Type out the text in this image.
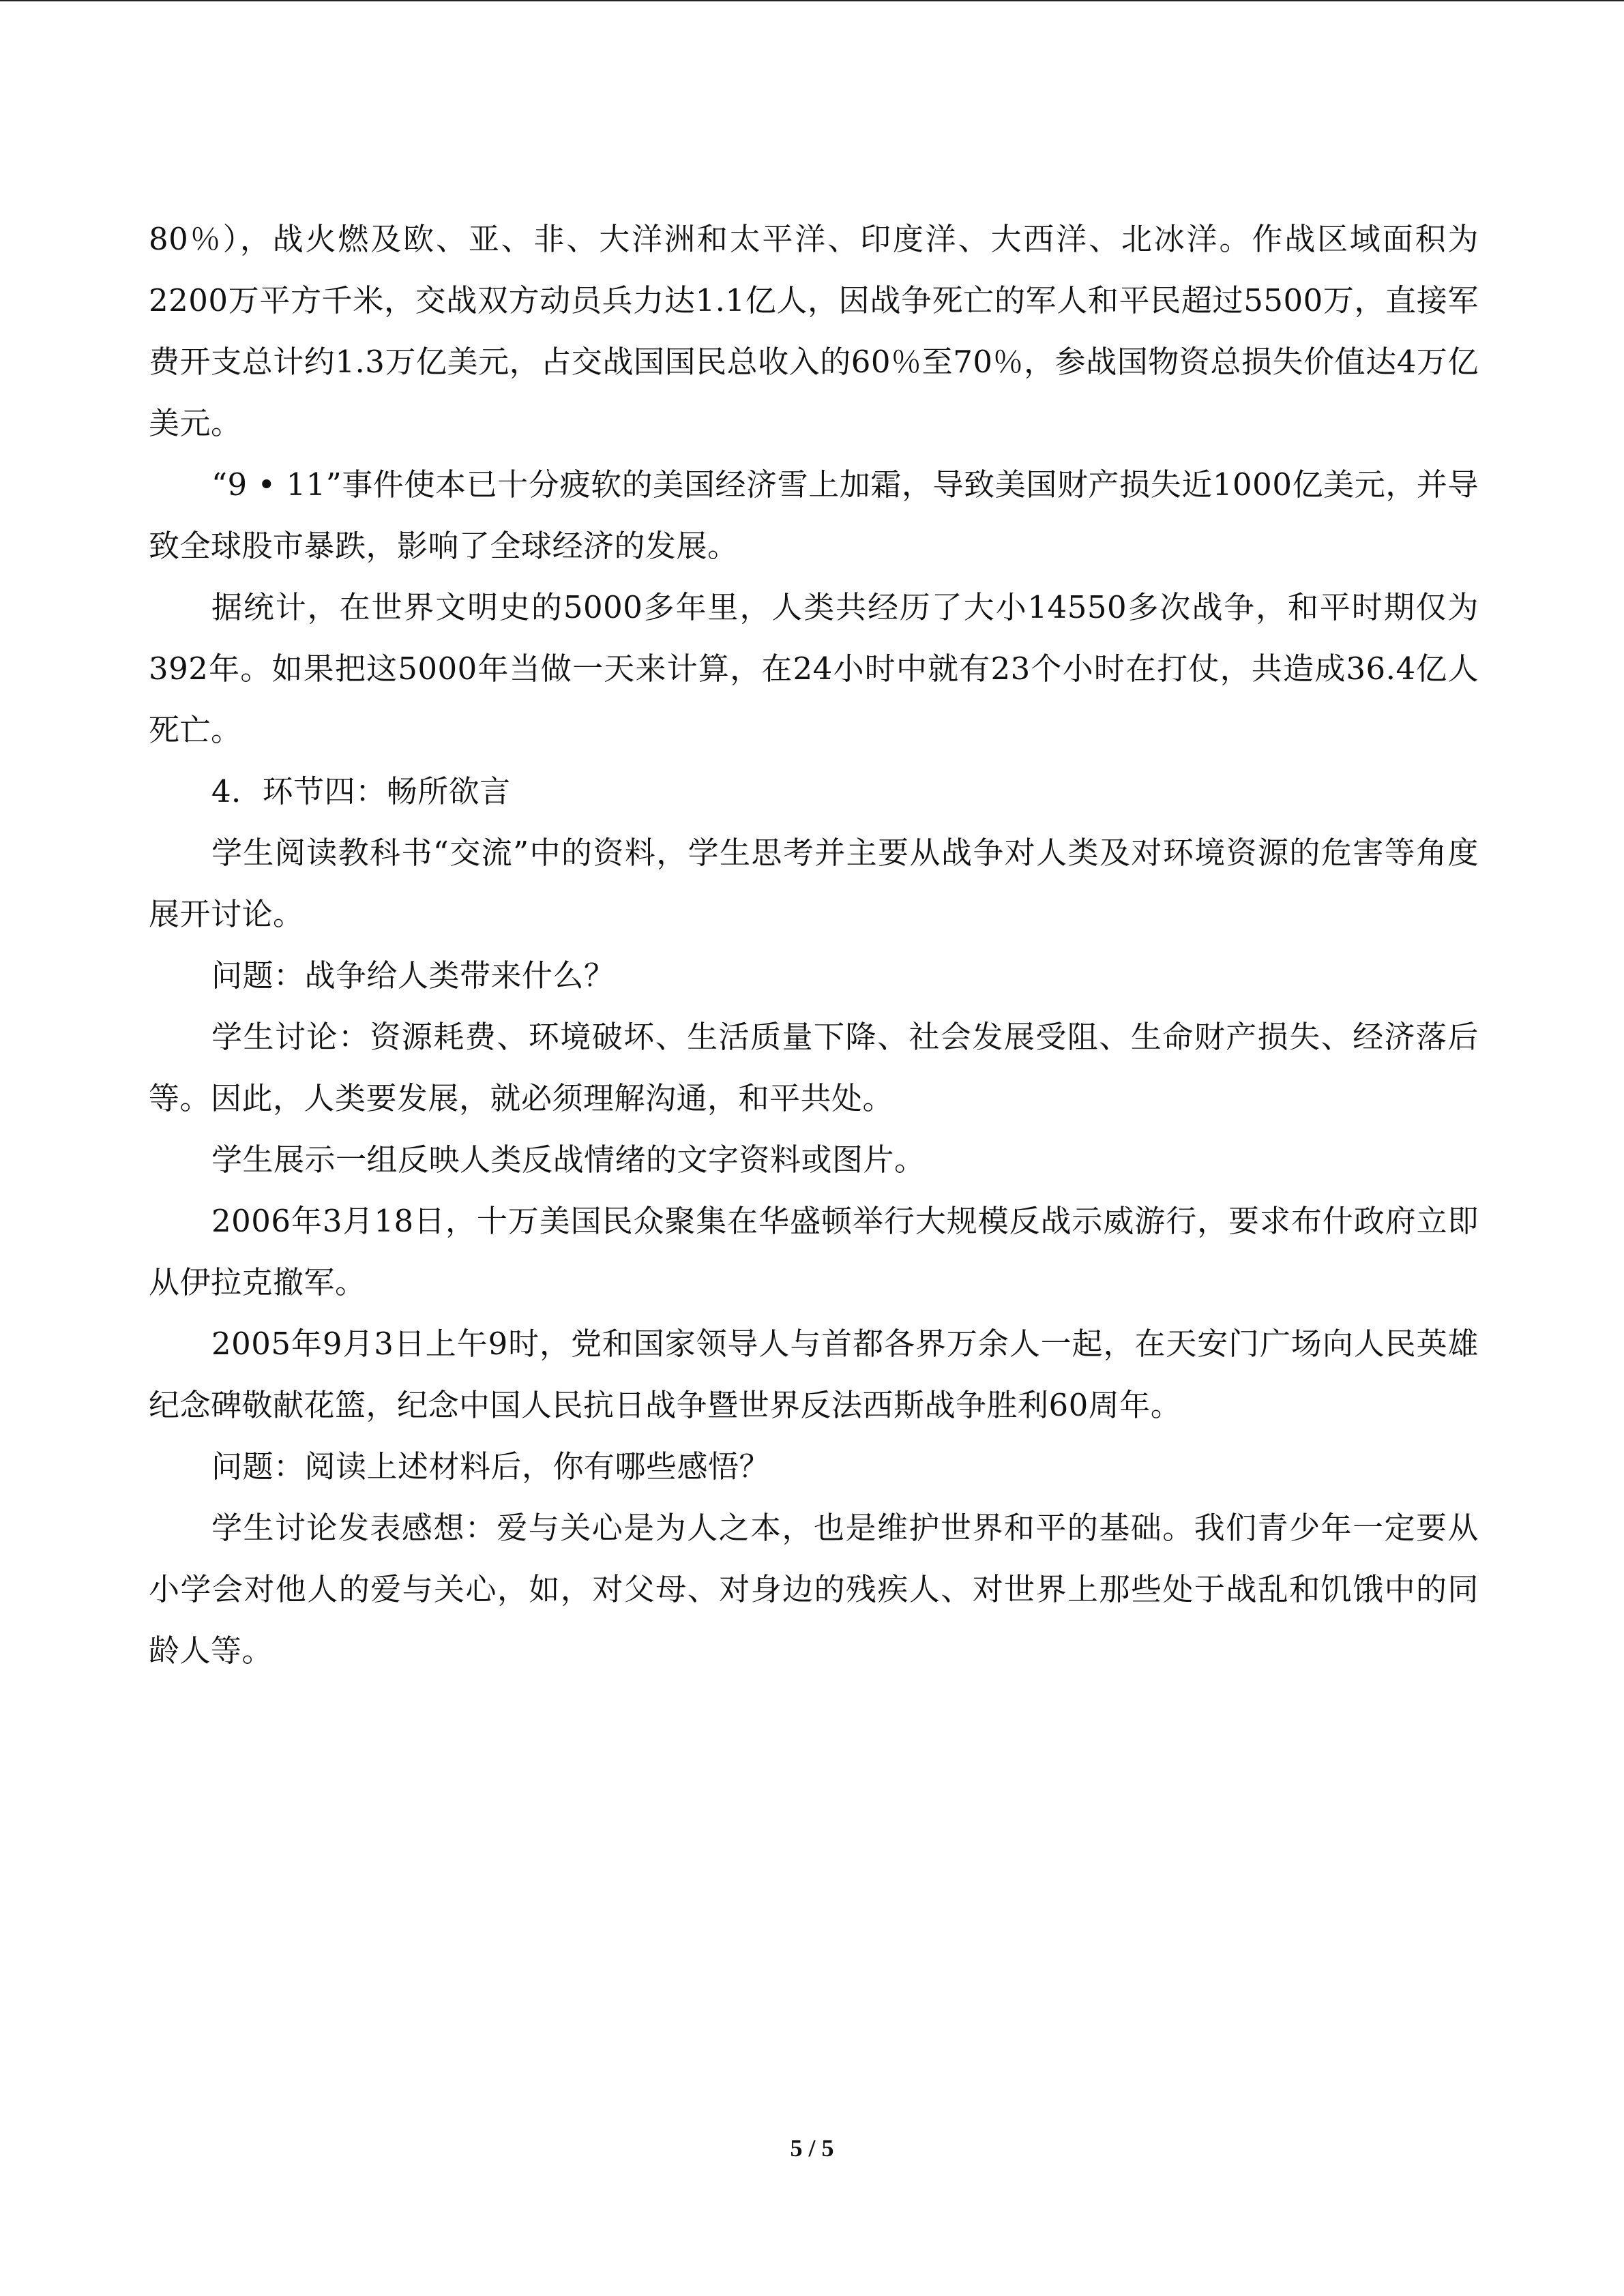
80％），战火燃及欧、亚、非、大洋洲和太平洋、印度洋、大西洋、北冰洋。作战区域面积为2200万平方千米，交战双方动员兵力达1.1亿人，因战争死亡的军人和平民超过5500万，直接军费开支总计约1.3万亿美元，占交战国国民总收入的60％至70％，参战国物资总损失价值达4万亿美元。

“9 • 11”事件使本已十分疲软的美国经济雪上加霜，导致美国财产损失近1000亿美元，并导致全球股市暴跌，影响了全球经济的发展。

据统计，在世界文明史的5000多年里，人类共经历了大小14550多次战争，和平时期仅为392年。如果把这5000年当做一天来计算，在24小时中就有23个小时在打仗，共造成36.4亿人死亡。

4．环节四：畅所欲言

学生阅读教科书“交流”中的资料，学生思考并主要从战争对人类及对环境资源的危害等角度展开讨论。

问题：战争给人类带来什么？

学生讨论：资源耗费、环境破坏、生活质量下降、社会发展受阻、生命财产损失、经济落后等。因此，人类要发展，就必须理解沟通，和平共处。

学生展示一组反映人类反战情绪的文字资料或图片。

2006年3月18日，十万美国民众聚集在华盛顿举行大规模反战示威游行，要求布什政府立即从伊拉克撤军。

2005年9月3日上午9时，党和国家领导人与首都各界万余人一起，在天安门广场向人民英雄纪念碑敬献花篮，纪念中国人民抗日战争暨世界反法西斯战争胜利60周年。

问题：阅读上述材料后，你有哪些感悟？

学生讨论发表感想：爱与关心是为人之本，也是维护世界和平的基础。我们青少年一定要从小学会对他人的爱与关心，如，对父母、对身边的残疾人、对世界上那些处于战乱和饥饿中的同龄人等。

5 / 5
